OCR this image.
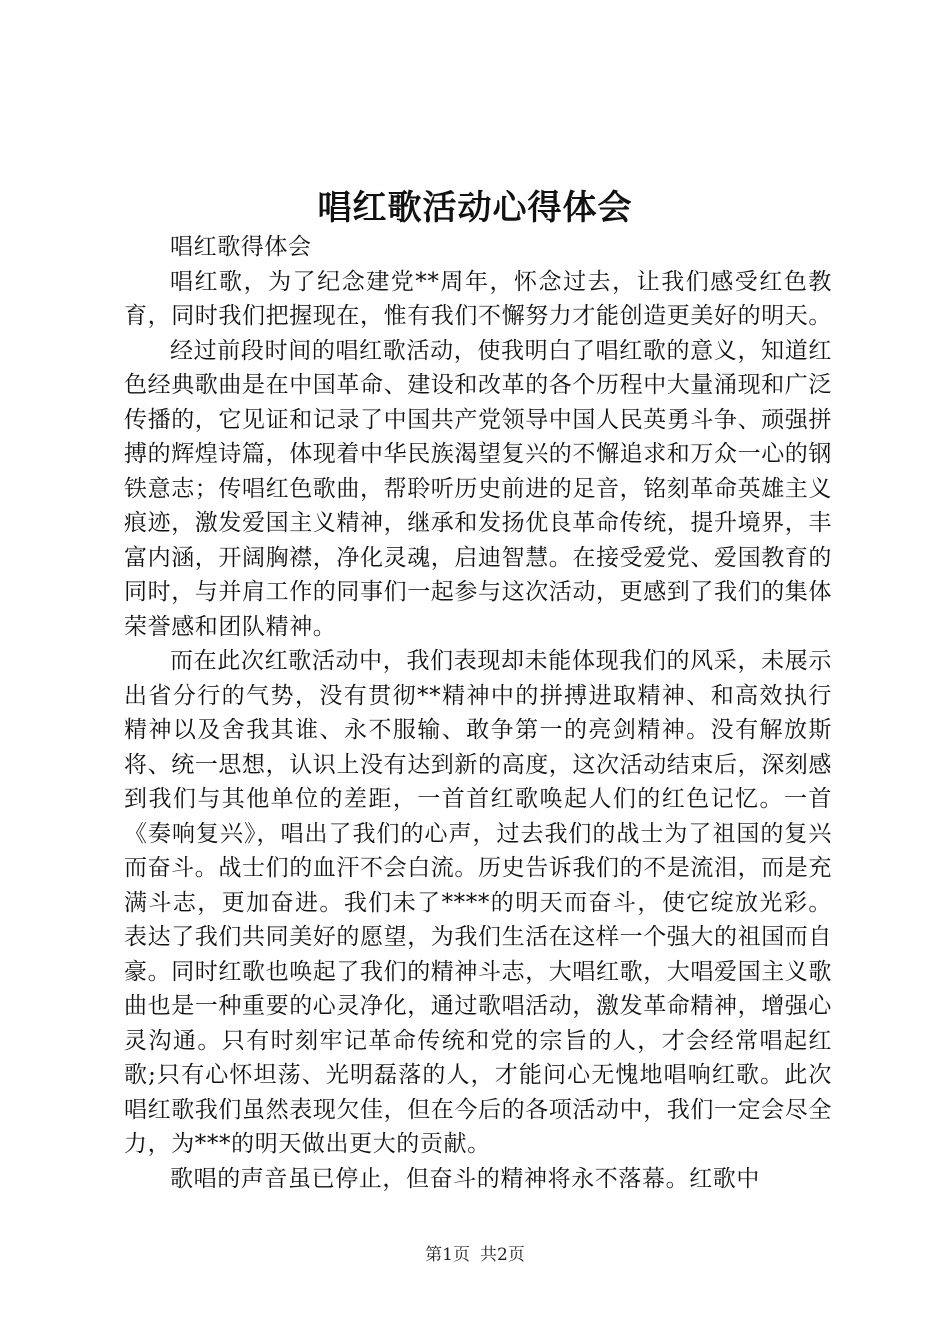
唱红歌活动心得体会

唱红歌得体会

唱红歌，为了纪念建党**周年，怀念过去，让我们感受红色教育，同时我们把握现在，惟有我们不懈努力才能创造更美好的明天。

经过前段时间的唱红歌活动，使我明白了唱红歌的意义，知道红色经典歌曲是在中国革命、建设和改革的各个历程中大量涌现和广泛传播的，它见证和记录了中国共产党领导中国人民英勇斗争、顽强拼搏的辉煌诗篇，体现着中华民族渴望复兴的不懈追求和万众一心的钢铁意志；传唱红色歌曲，帮聆听历史前进的足音，铭刻革命英雄主义痕迹，激发爱国主义精神，继承和发扬优良革命传统，提升境界，丰富内涵，开阔胸襟，净化灵魂，启迪智慧。在接受爱党、爱国教育的同时，与并肩工作的同事们一起参与这次活动，更感到了我们的集体荣誉感和团队精神。

而在此次红歌活动中，我们表现却未能体现我们的风采，未展示出省分行的气势，没有贯彻**精神中的拼搏进取精神、和高效执行精神以及舍我其谁、永不服输、敢争第一的亮剑精神。没有解放斯将、统一思想，认识上没有达到新的高度，这次活动结束后，深刻感到我们与其他单位的差距，一首首红歌唤起人们的红色记忆。一首《奏响复兴》，唱出了我们的心声，过去我们的战士为了祖国的复兴而奋斗。战士们的血汗不会白流。历史告诉我们的不是流泪，而是充满斗志，更加奋进。我们未了****的明天而奋斗，使它绽放光彩。表达了我们共同美好的愿望，为我们生活在这样一个强大的祖国而自豪。同时红歌也唤起了我们的精神斗志，大唱红歌，大唱爱国主义歌曲也是一种重要的心灵净化，通过歌唱活动，激发革命精神，增强心灵沟通。只有时刻牢记革命传统和党的宗旨的人，才会经常唱起红歌;只有心怀坦荡、光明磊落的人，才能问心无愧地唱响红歌。此次唱红歌我们虽然表现欠佳，但在今后的各项活动中，我们一定会尽全力，为***的明天做出更大的贡献。

歌唱的声音虽已停止，但奋斗的精神将永不落幕。红歌中

第1页 共2页
